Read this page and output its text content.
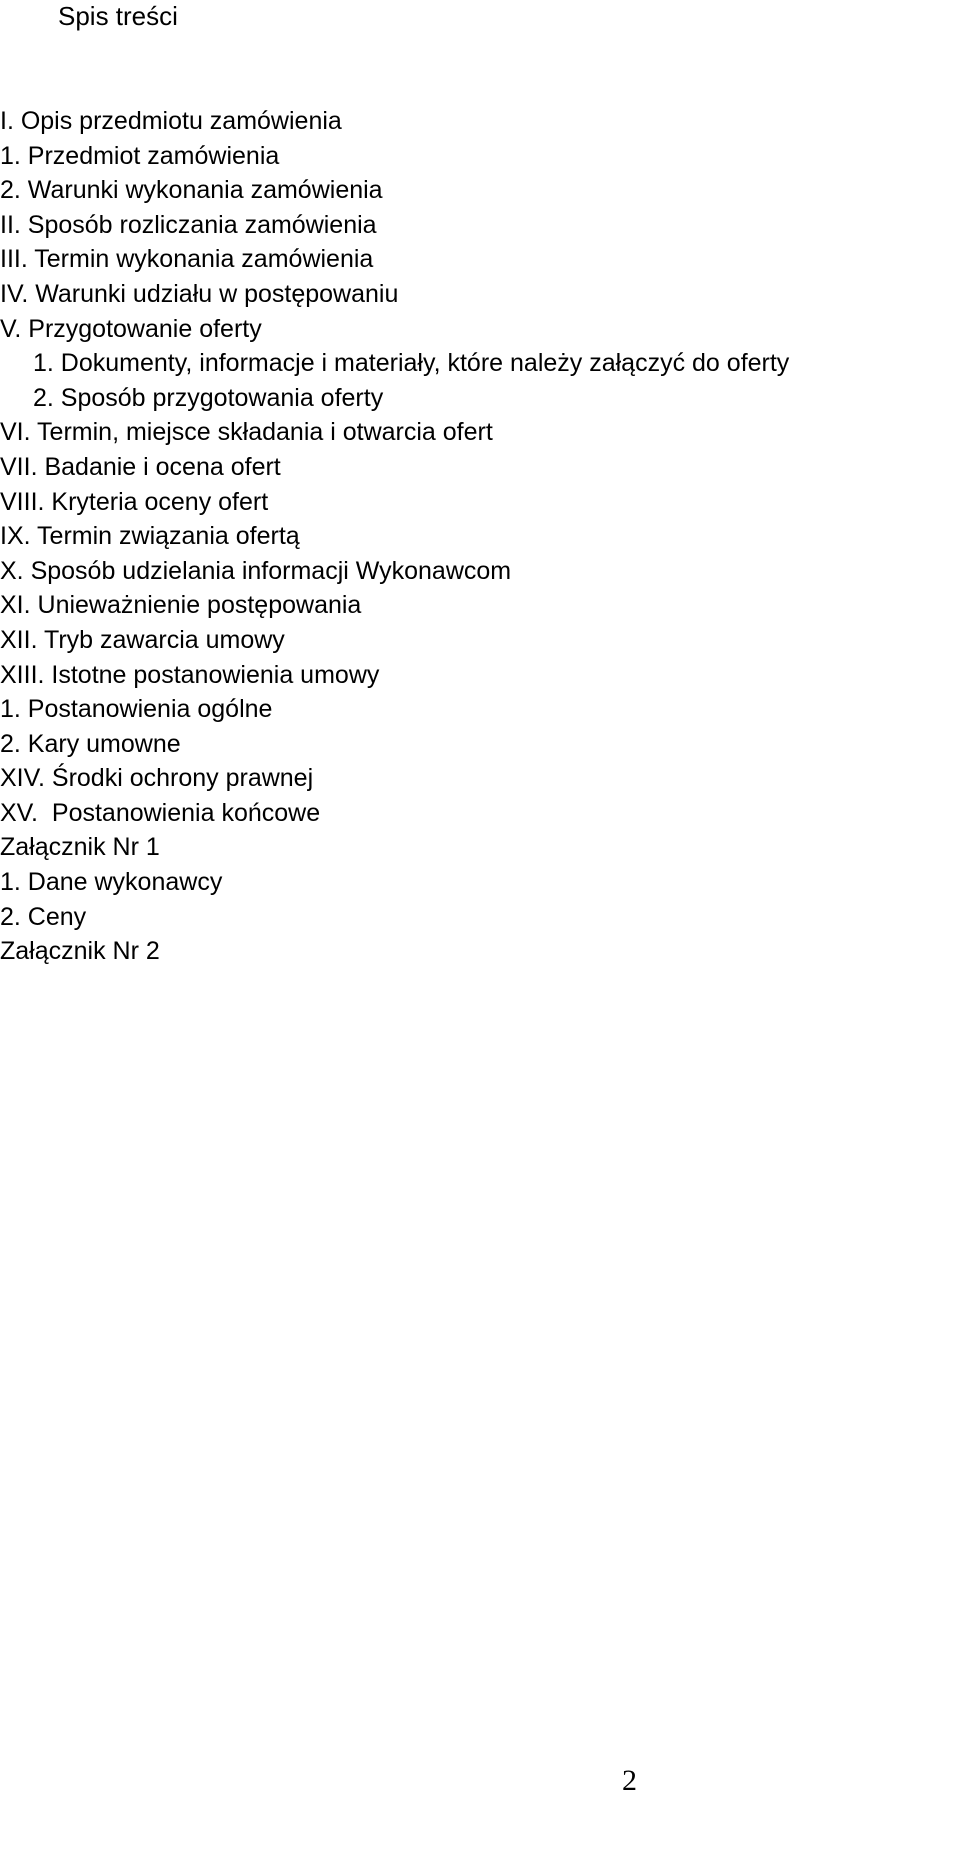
Spis treści
I. Opis przedmiotu zamówienia
1. Przedmiot zamówienia
2. Warunki wykonania zamówienia
II. Sposób rozliczania zamówienia
III. Termin wykonania zamówienia
IV. Warunki udziału w postępowaniu
V. Przygotowanie oferty
1. Dokumenty, informacje i materiały, które należy załączyć do oferty
2. Sposób przygotowania oferty
VI. Termin, miejsce składania i otwarcia ofert
VII. Badanie i ocena ofert
VIII. Kryteria oceny ofert
IX. Termin związania ofertą
X. Sposób udzielania informacji Wykonawcom
XI. Unieważnienie postępowania
XII. Tryb zawarcia umowy
XIII. Istotne postanowienia umowy
1. Postanowienia ogólne
2. Kary umowne
XIV. Środki ochrony prawnej
XV.  Postanowienia końcowe
Załącznik Nr 1
1. Dane wykonawcy
2. Ceny
Załącznik Nr 2
2
